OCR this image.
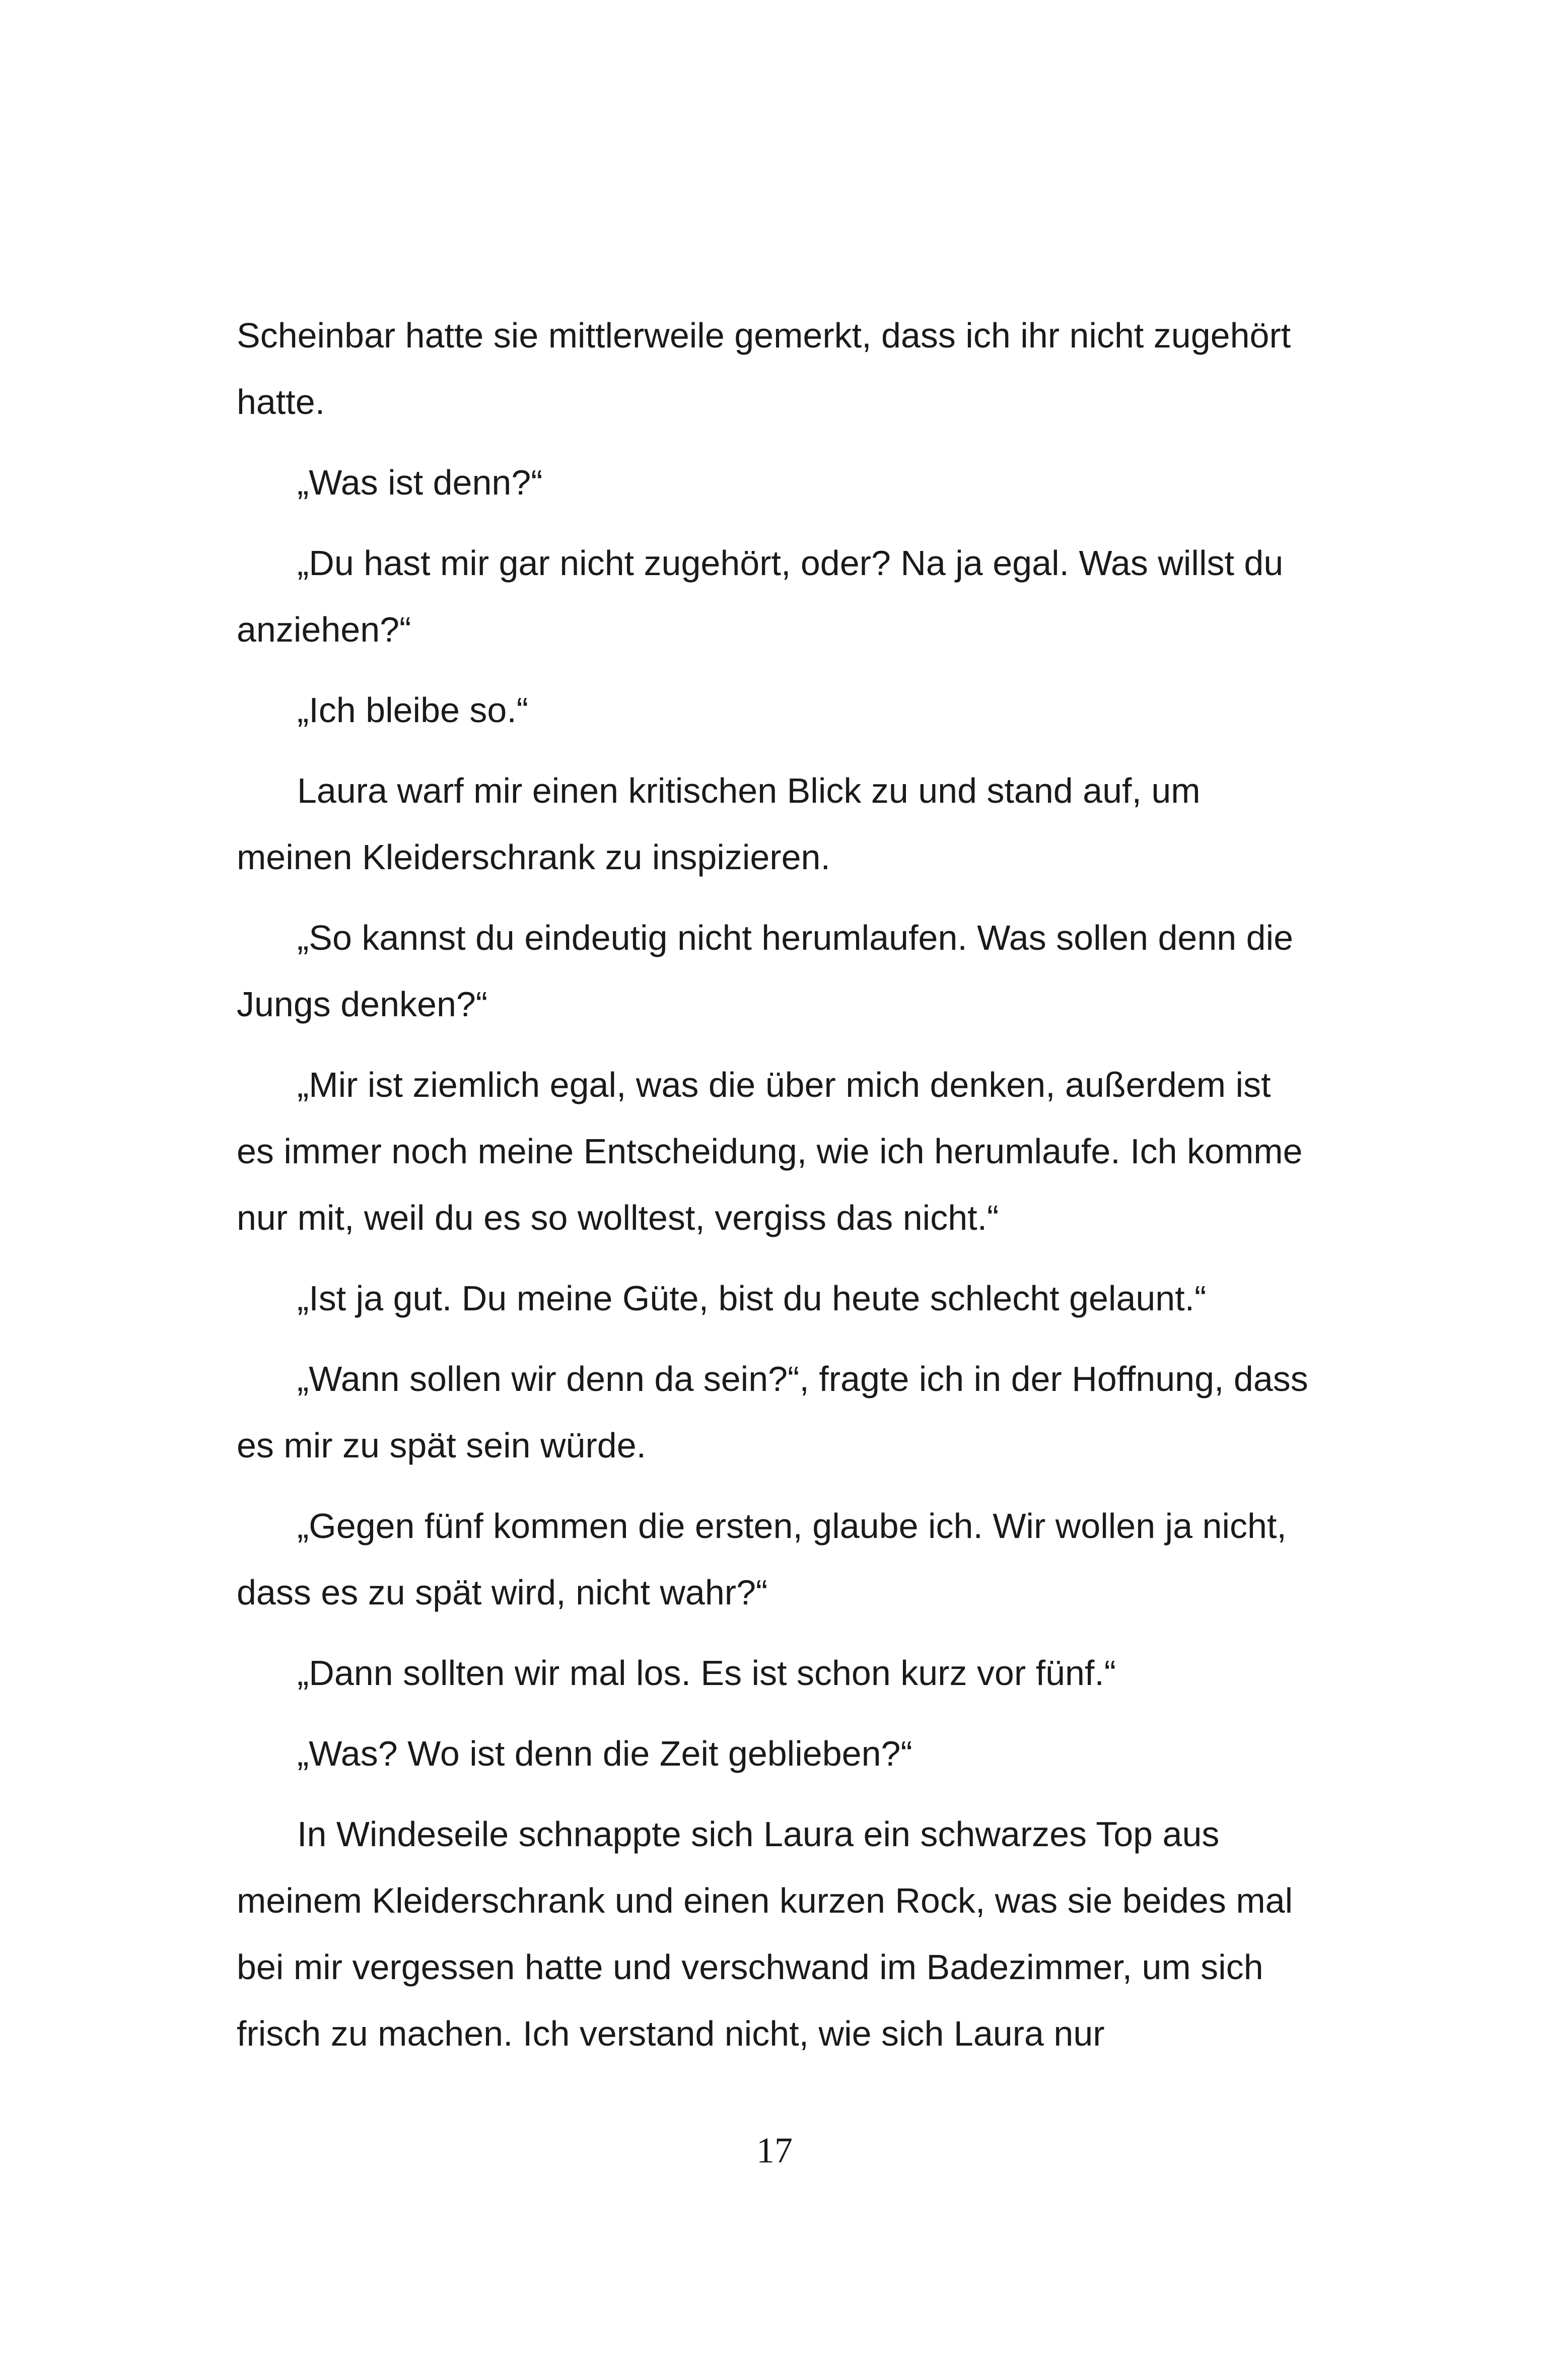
Scheinbar hatte sie mittlerweile gemerkt, dass ich ihr nicht zugehört hatte.

„Was ist denn?“

„Du hast mir gar nicht zugehört, oder? Na ja egal. Was willst du anziehen?“

„Ich bleibe so.“

Laura warf mir einen kritischen Blick zu und stand auf, um meinen Kleiderschrank zu inspizieren.

„So kannst du eindeutig nicht herumlaufen. Was sollen denn die Jungs denken?“

„Mir ist ziemlich egal, was die über mich denken, außerdem ist es immer noch meine Entscheidung, wie ich herumlaufe. Ich komme nur mit, weil du es so wolltest, vergiss das nicht.“

„Ist ja gut. Du meine Güte, bist du heute schlecht gelaunt.“

„Wann sollen wir denn da sein?“, fragte ich in der Hoffnung, dass es mir zu spät sein würde.

„Gegen fünf kommen die ersten, glaube ich. Wir wollen ja nicht, dass es zu spät wird, nicht wahr?“

„Dann sollten wir mal los. Es ist schon kurz vor fünf.“

„Was? Wo ist denn die Zeit geblieben?“

In Windeseile schnappte sich Laura ein schwarzes Top aus meinem Kleiderschrank und einen kurzen Rock, was sie beides mal bei mir vergessen hatte und verschwand im Badezimmer, um sich frisch zu machen. Ich verstand nicht, wie sich Laura nur

17
